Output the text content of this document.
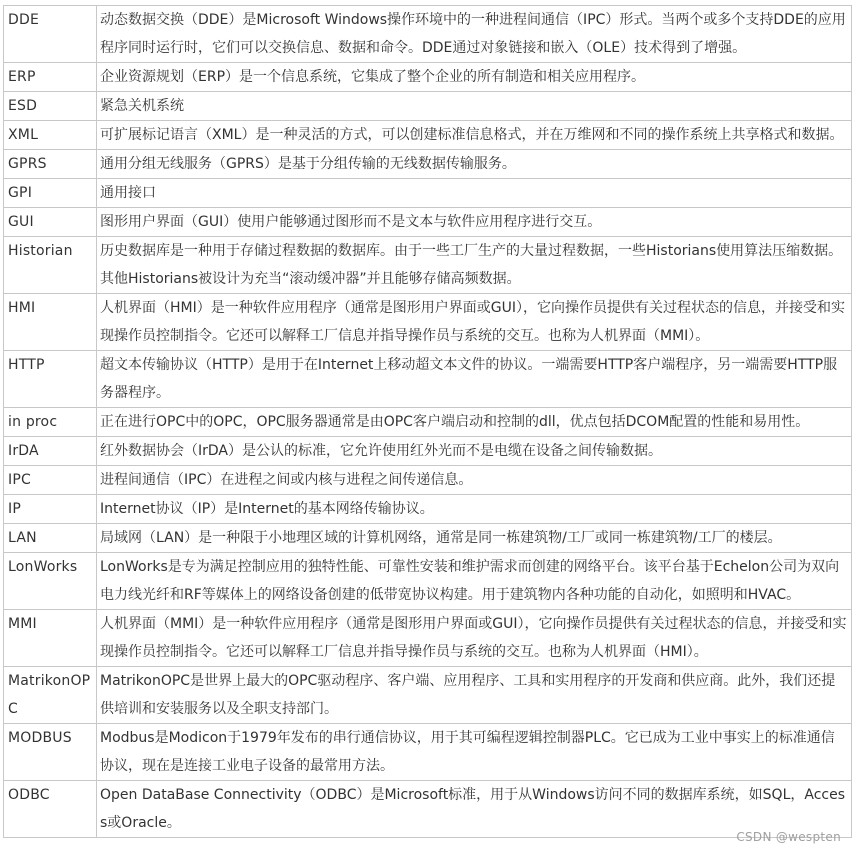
DDE	动态数据交换（DDE）是Microsoft Windows操作环境中的一种进程间通信（IPC）形式。当两个或多个支持DDE的应用程序同时运行时，它们可以交换信息、数据和命令。DDE通过对象链接和嵌入（OLE）技术得到了增强。
ERP	企业资源规划（ERP）是一个信息系统，它集成了整个企业的所有制造和相关应用程序。
ESD	紧急关机系统
XML	可扩展标记语言（XML）是一种灵活的方式，可以创建标准信息格式，并在万维网和不同的操作系统上共享格式和数据。
GPRS	通用分组无线服务（GPRS）是基于分组传输的无线数据传输服务。
GPI	通用接口
GUI	图形用户界面（GUI）使用户能够通过图形而不是文本与软件应用程序进行交互。
Historian	历史数据库是一种用于存储过程数据的数据库。由于一些工厂生产的大量过程数据，一些Historians使用算法压缩数据。其他Historians被设计为充当“滚动缓冲器”并且能够存储高频数据。
HMI	人机界面（HMI）是一种软件应用程序（通常是图形用户界面或GUI），它向操作员提供有关过程状态的信息，并接受和实现操作员控制指令。它还可以解释工厂信息并指导操作员与系统的交互。也称为人机界面（MMI）。
HTTP	超文本传输协议（HTTP）是用于在Internet上移动超文本文件的协议。一端需要HTTP客户端程序，另一端需要HTTP服务器程序。
in proc	正在进行OPC中的OPC，OPC服务器通常是由OPC客户端启动和控制的dll，优点包括DCOM配置的性能和易用性。
IrDA	红外数据协会（IrDA）是公认的标准，它允许使用红外光而不是电缆在设备之间传输数据。
IPC	进程间通信（IPC）在进程之间或内核与进程之间传递信息。
IP	Internet协议（IP）是Internet的基本网络传输协议。
LAN	局域网（LAN）是一种限于小地理区域的计算机网络，通常是同一栋建筑物/工厂或同一栋建筑物/工厂的楼层。
LonWorks	LonWorks是专为满足控制应用的独特性能、可靠性安装和维护需求而创建的网络平台。该平台基于Echelon公司为双向电力线光纤和RF等媒体上的网络设备创建的低带宽协议构建。用于建筑物内各种功能的自动化，如照明和HVAC。
MMI	人机界面（MMI）是一种软件应用程序（通常是图形用户界面或GUI），它向操作员提供有关过程状态的信息，并接受和实现操作员控制指令。它还可以解释工厂信息并指导操作员与系统的交互。也称为人机界面（HMI）。
MatrikonOPC	MatrikonOPC是世界上最大的OPC驱动程序、客户端、应用程序、工具和实用程序的开发商和供应商。此外，我们还提供培训和安装服务以及全职支持部门。
MODBUS	Modbus是Modicon于1979年发布的串行通信协议，用于其可编程逻辑控制器PLC。它已成为工业中事实上的标准通信协议，现在是连接工业电子设备的最常用方法。
ODBC	Open DataBase Connectivity（ODBC）是Microsoft标准，用于从Windows访问不同的数据库系统，如SQL，Access或Oracle。
CSDN @wespten
